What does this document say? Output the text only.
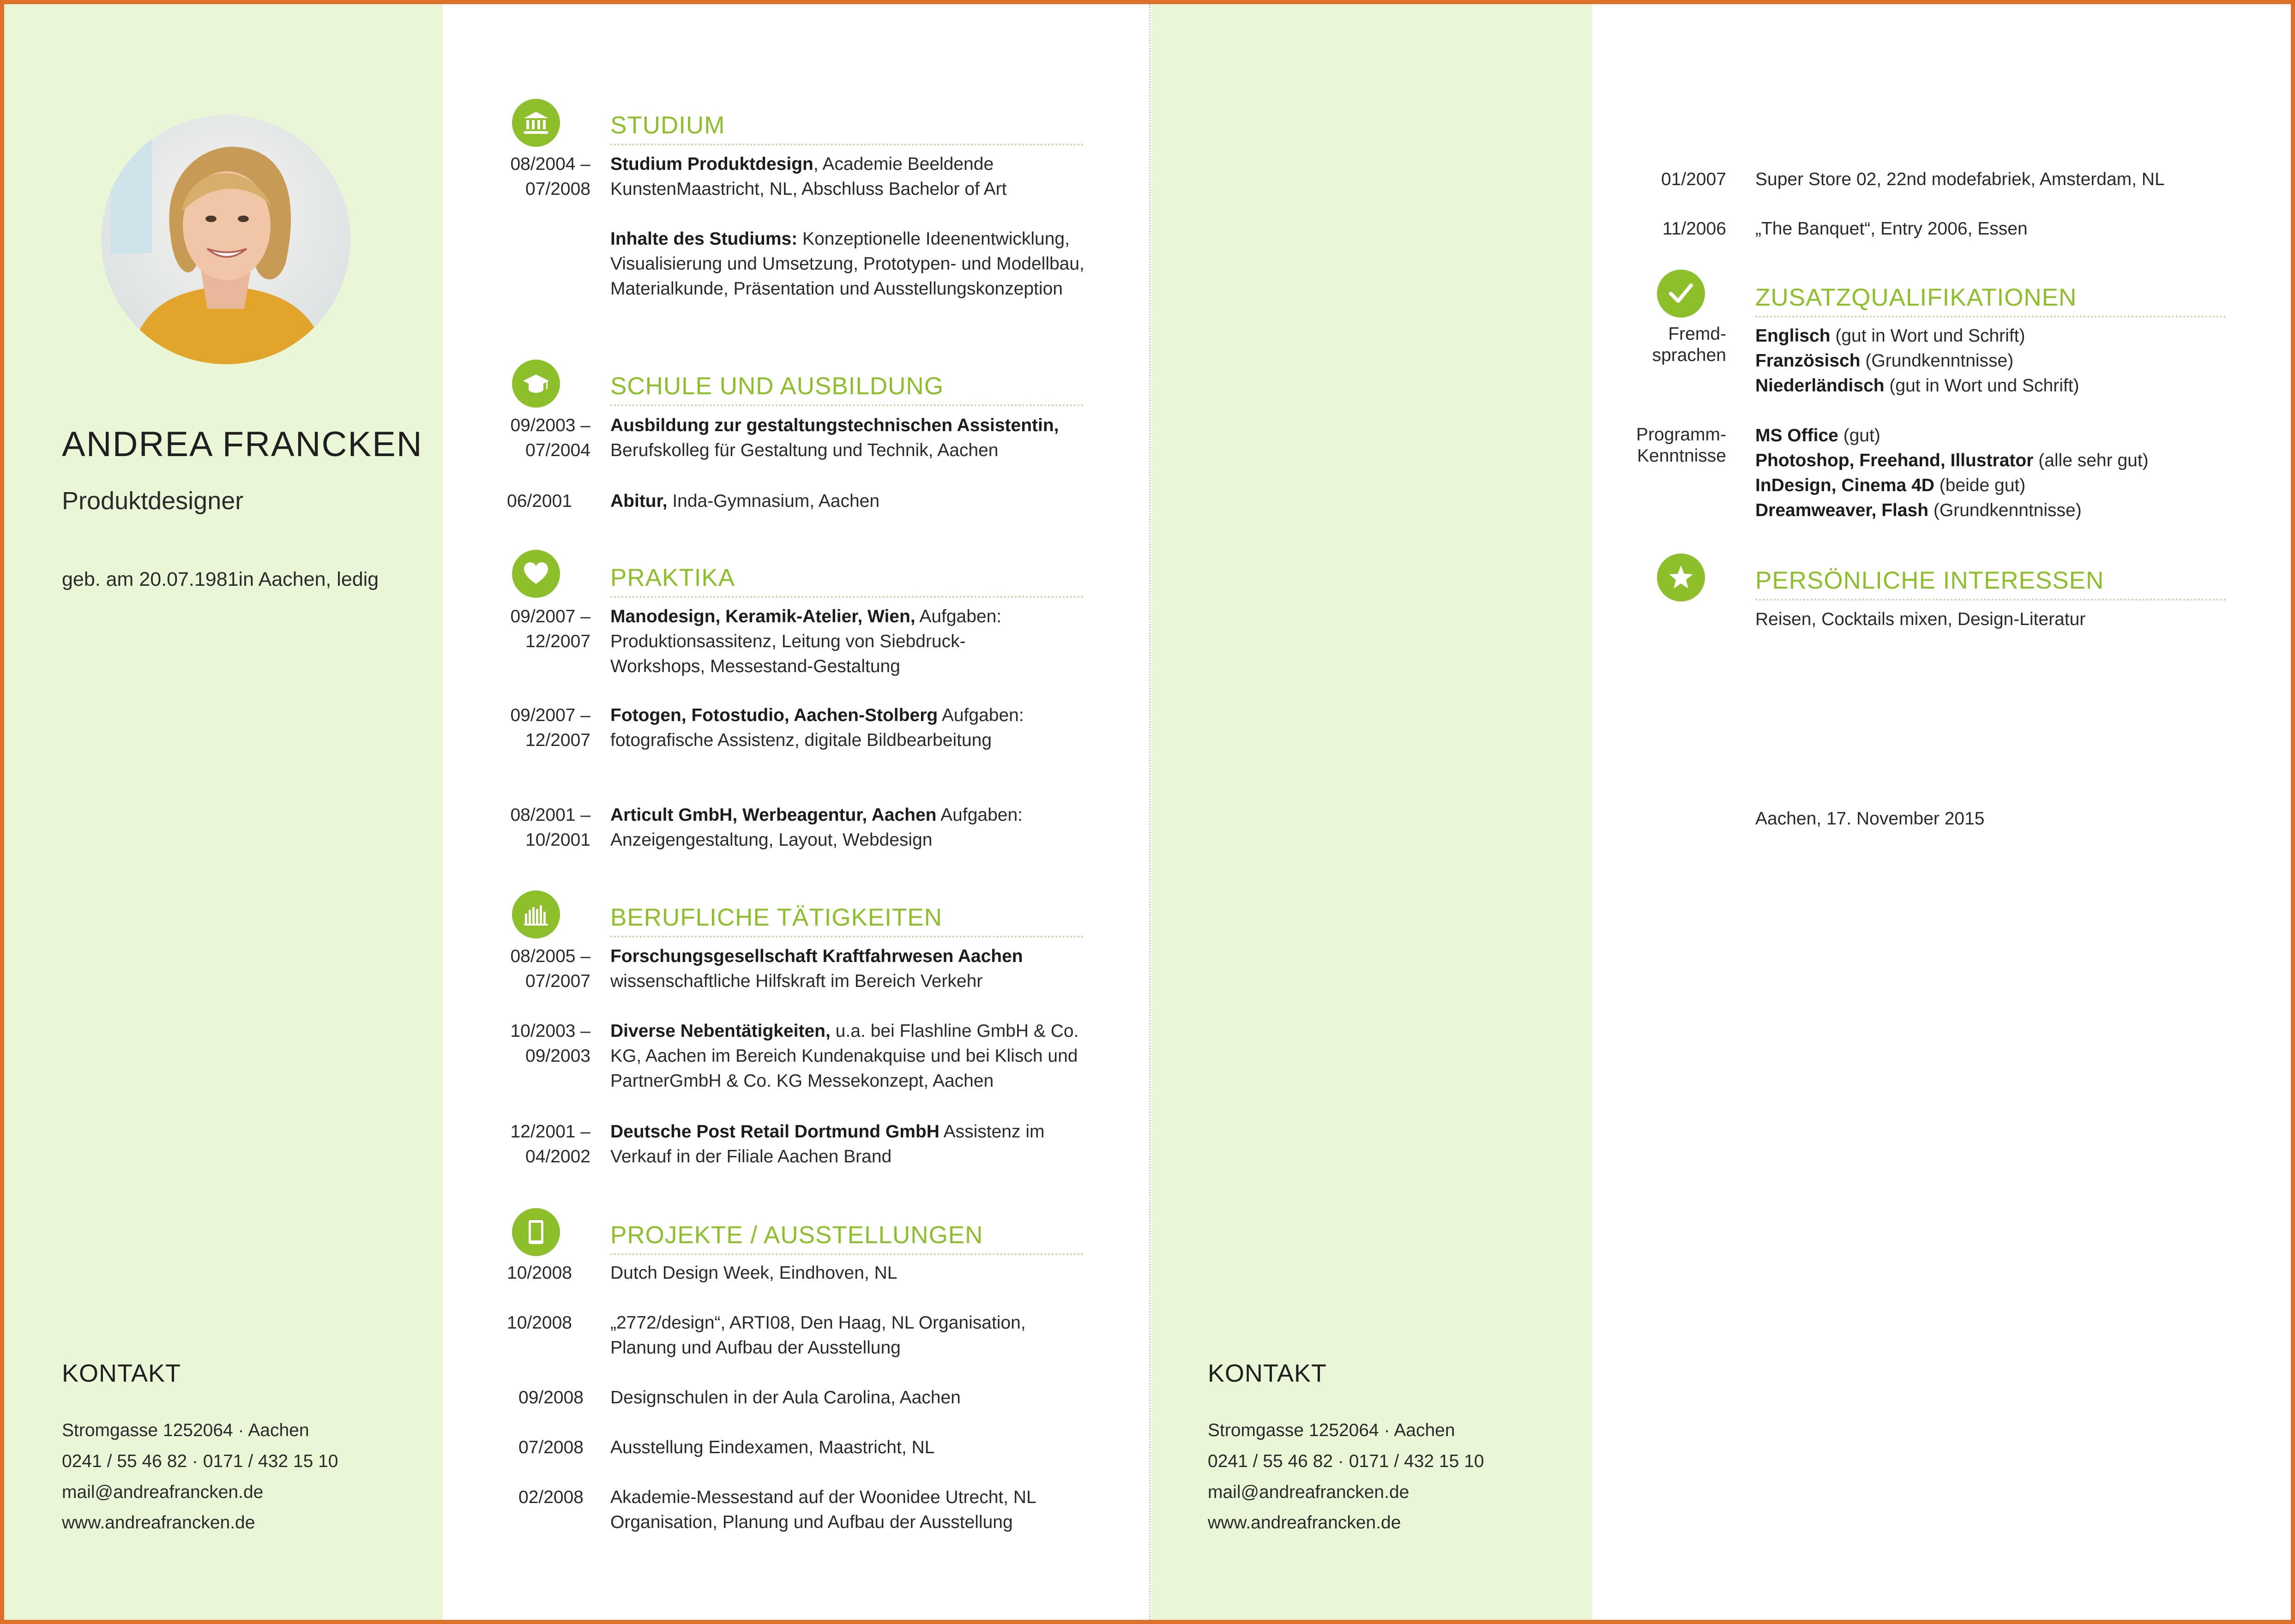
ANDREA FRANCKEN
Produktdesigner
geb. am 20.07.1981in Aachen, ledig
KONTAKT
Stromgasse 1252064 · Aachen
0241 / 55 46 82 · 0171 / 432 15 10
mail@andreafrancken.de
www.andreafrancken.de
KONTAKT
Stromgasse 1252064 · Aachen
0241 / 55 46 82 · 0171 / 432 15 10
mail@andreafrancken.de
www.andreafrancken.de
STUDIUM
08/2004 –
07/2008
Studium Produktdesign, Academie Beeldende KunstenMaastricht, NL, Abschluss Bachelor of Art
Inhalte des Studiums: Konzeptionelle Ideenentwicklung, Visualisierung und Umsetzung, Prototypen- und Modellbau, Materialkunde, Präsentation und Ausstellungskonzeption
SCHULE UND AUSBILDUNG
09/2003 –
07/2004
Ausbildung zur gestaltungstechnischen Assistentin, Berufskolleg für Gestaltung und Technik, Aachen
06/2001 Abitur, Inda-Gymnasium, Aachen
PRAKTIKA
09/2007 –
12/2007
Manodesign, Keramik-Atelier, Wien, Aufgaben: Produktionsassitenz, Leitung von Siebdruck-Workshops, Messestand-Gestaltung
09/2007 –
12/2007
Fotogen, Fotostudio, Aachen-Stolberg Aufgaben: fotografische Assistenz, digitale Bildbearbeitung
08/2001 –
10/2001
Articult GmbH, Werbeagentur, Aachen Aufgaben: Anzeigengestaltung, Layout, Webdesign
BERUFLICHE TÄTIGKEITEN
08/2005 –
07/2007
Forschungsgesellschaft Kraftfahrwesen Aachen wissenschaftliche Hilfskraft im Bereich Verkehr
10/2003 –
09/2003
Diverse Nebentätigkeiten, u.a. bei Flashline GmbH & Co. KG, Aachen im Bereich Kundenakquise und bei Klisch und PartnerGmbH & Co. KG Messekonzept, Aachen
12/2001 –
04/2002
Deutsche Post Retail Dortmund GmbH Assistenz im Verkauf in der Filiale Aachen Brand
PROJEKTE / AUSSTELLUNGEN
10/2008 Dutch Design Week, Eindhoven, NL
10/2008 „2772/design“, ARTI08, Den Haag, NL Organisation, Planung und Aufbau der Ausstellung
09/2008 Designschulen in der Aula Carolina, Aachen
07/2008 Ausstellung Eindexamen, Maastricht, NL
02/2008 Akademie-Messestand auf der Woonidee Utrecht, NL Organisation, Planung und Aufbau der Ausstellung
01/2007 Super Store 02, 22nd modefabriek, Amsterdam, NL
11/2006 „The Banquet“, Entry 2006, Essen
ZUSATZQUALIFIKATIONEN
Fremd-
sprachen
Englisch (gut in Wort und Schrift)
Französisch (Grundkenntnisse)
Niederländisch (gut in Wort und Schrift)
Programm-
Kenntnisse
MS Office (gut)
Photoshop, Freehand, Illustrator (alle sehr gut)
InDesign, Cinema 4D (beide gut)
Dreamweaver, Flash (Grundkenntnisse)
PERSÖNLICHE INTERESSEN
Reisen, Cocktails mixen, Design-Literatur
Aachen, 17. November 2015
